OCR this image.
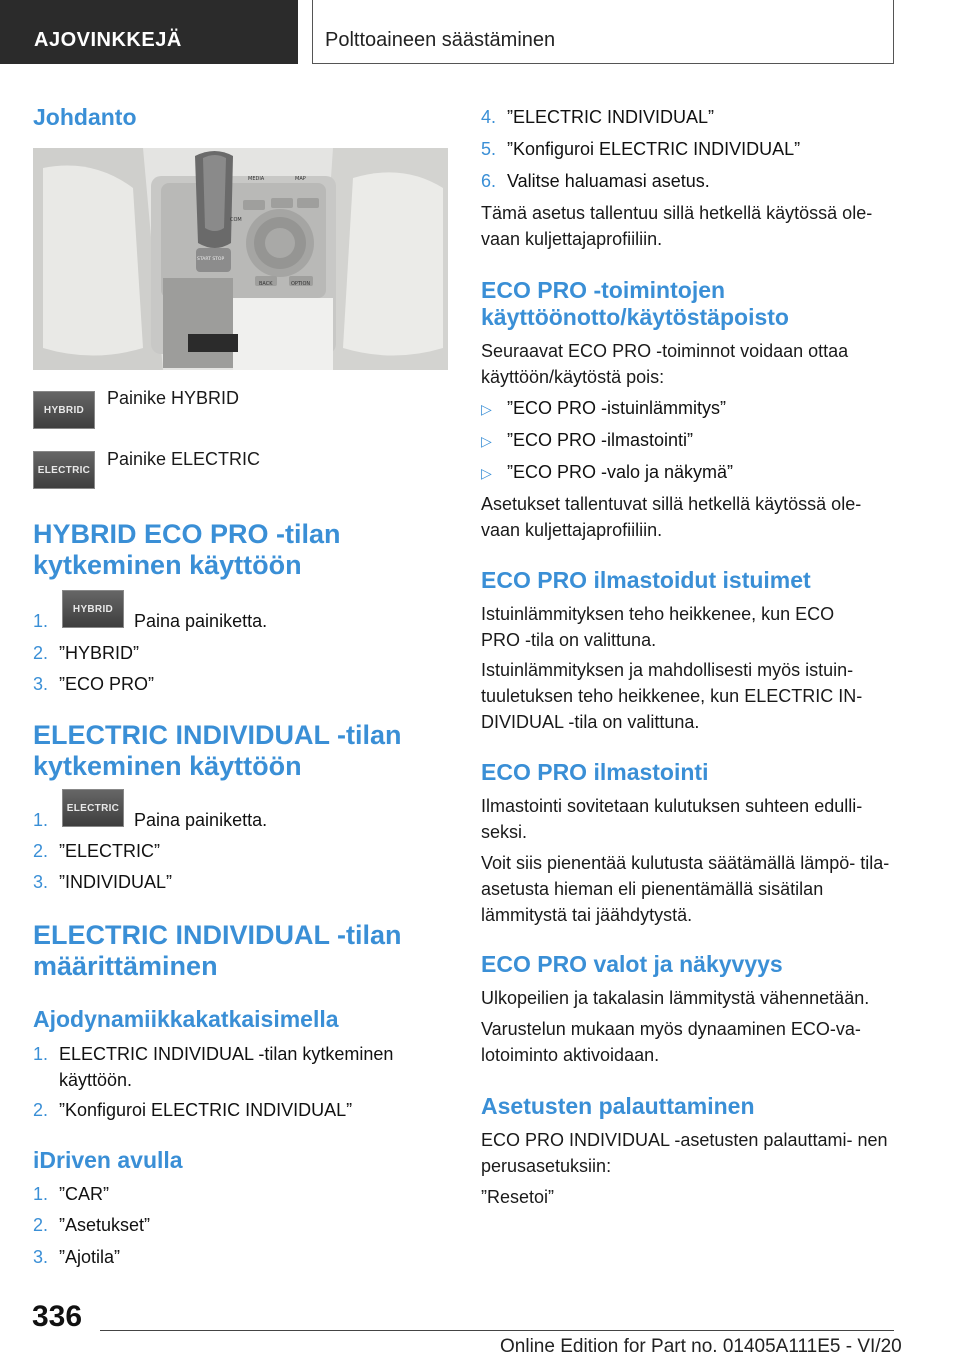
AJOVINKKEJÄ	Polttoaineen säästäminen
Johdanto
MEDIA	MAP
COM
BACK	OPTION
START STOP
HYBRID
Painike HYBRID
ELECTRIC
Painike ELECTRIC
HYBRID ECO PRO -tilan kytkeminen käyttöön
1.
HYBRID
Paina painiketta.
2. ”HYBRID”
3. ”ECO PRO”
ELECTRIC INDIVIDUAL -tilan kytkeminen käyttöön
1.
ELECTRIC
Paina painiketta.
2. ”ELECTRIC”
3. ”INDIVIDUAL”
ELECTRIC INDIVIDUAL -tilan määrittäminen
Ajodynamiikkakatkaisimella
1. ELECTRIC INDIVIDUAL -tilan kytkeminen käyttöön.
2. ”Konfiguroi ELECTRIC INDIVIDUAL”
iDriven avulla
1. ”CAR”
2. ”Asetukset”
3. ”Ajotila”
4. ”ELECTRIC INDIVIDUAL”
5. ”Konfiguroi ELECTRIC INDIVIDUAL”
6. Valitse haluamasi asetus.
Tämä asetus tallentuu sillä hetkellä käytössä ole- vaan kuljettajaprofiiliin.
ECO PRO -toimintojen käyttöönotto/käytöstäpoisto
Seuraavat ECO PRO -toiminnot voidaan ottaa käyttöön/käytöstä pois:
▷ ”ECO PRO -istuinlämmitys”
▷ ”ECO PRO -ilmastointi”
▷ ”ECO PRO -valo ja näkymä”
Asetukset tallentuvat sillä hetkellä käytössä ole- vaan kuljettajaprofiiliin.
ECO PRO ilmastoidut istuimet
Istuinlämmityksen teho heikkenee, kun ECO PRO -tila on valittuna.
Istuinlämmityksen ja mahdollisesti myös istuin- tuuletuksen teho heikkenee, kun ELECTRIC IN- DIVIDUAL -tila on valittuna.
ECO PRO ilmastointi
Ilmastointi sovitetaan kulutuksen suhteen edulli- seksi.
Voit siis pienentää kulutusta säätämällä lämpö- tila-asetusta hieman eli pienentämällä sisätilan lämmitystä tai jäähdytystä.
ECO PRO valot ja näkyvyys
Ulkopeilien ja takalasin lämmitystä vähennetään.
Varustelun mukaan myös dynaaminen ECO-va- lotoiminto aktivoidaan.
Asetusten palauttaminen
ECO PRO INDIVIDUAL -asetusten palauttami- nen perusasetuksiin:
”Resetoi”
336
Online Edition for Part no. 01405A111E5 - VI/20
